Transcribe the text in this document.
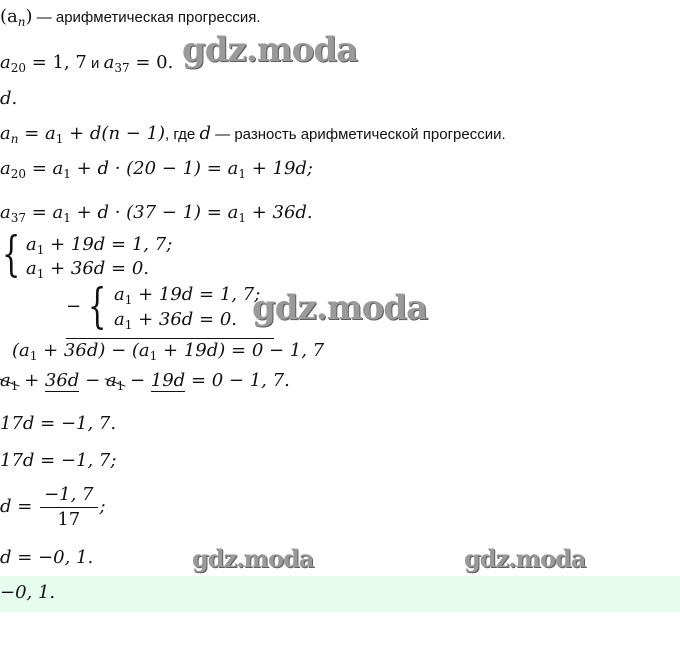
$(a_n)$ — арифметическая прогрессия.
$a_{20} = 1$, 7 и $a_{37} = 0$.
d.
$a_n = a_1 + d(n - 1)$, где d — разность арифметической прогрессии.
$a_{20} = a_1 + d \cdot (20 - 1) = a_1 + 19d$;
$a_{37} = a_1 + d \cdot (37 - 1) = a_1 + 36d$.
{ $a_1 + 19d = 1$, 7;
$a_1 + 36d = 0$.
− { $a_1 + 19d = 1$, 7;
$a_1 + 36d = 0$.
$(a_1 + 36d) - (a_1 + 19d) = 0 - 1$, 7
$a_1 + 36d - a_1 - 19d = 0 - 1$, 7.
17d = −1, 7.
17d = −1, 7;
$d = \frac{-1, 7}{17}$ ;
d = −0, 1.
−0, 1.
gdz.moda
gdz.moda
gdz.moda	gdz.moda
